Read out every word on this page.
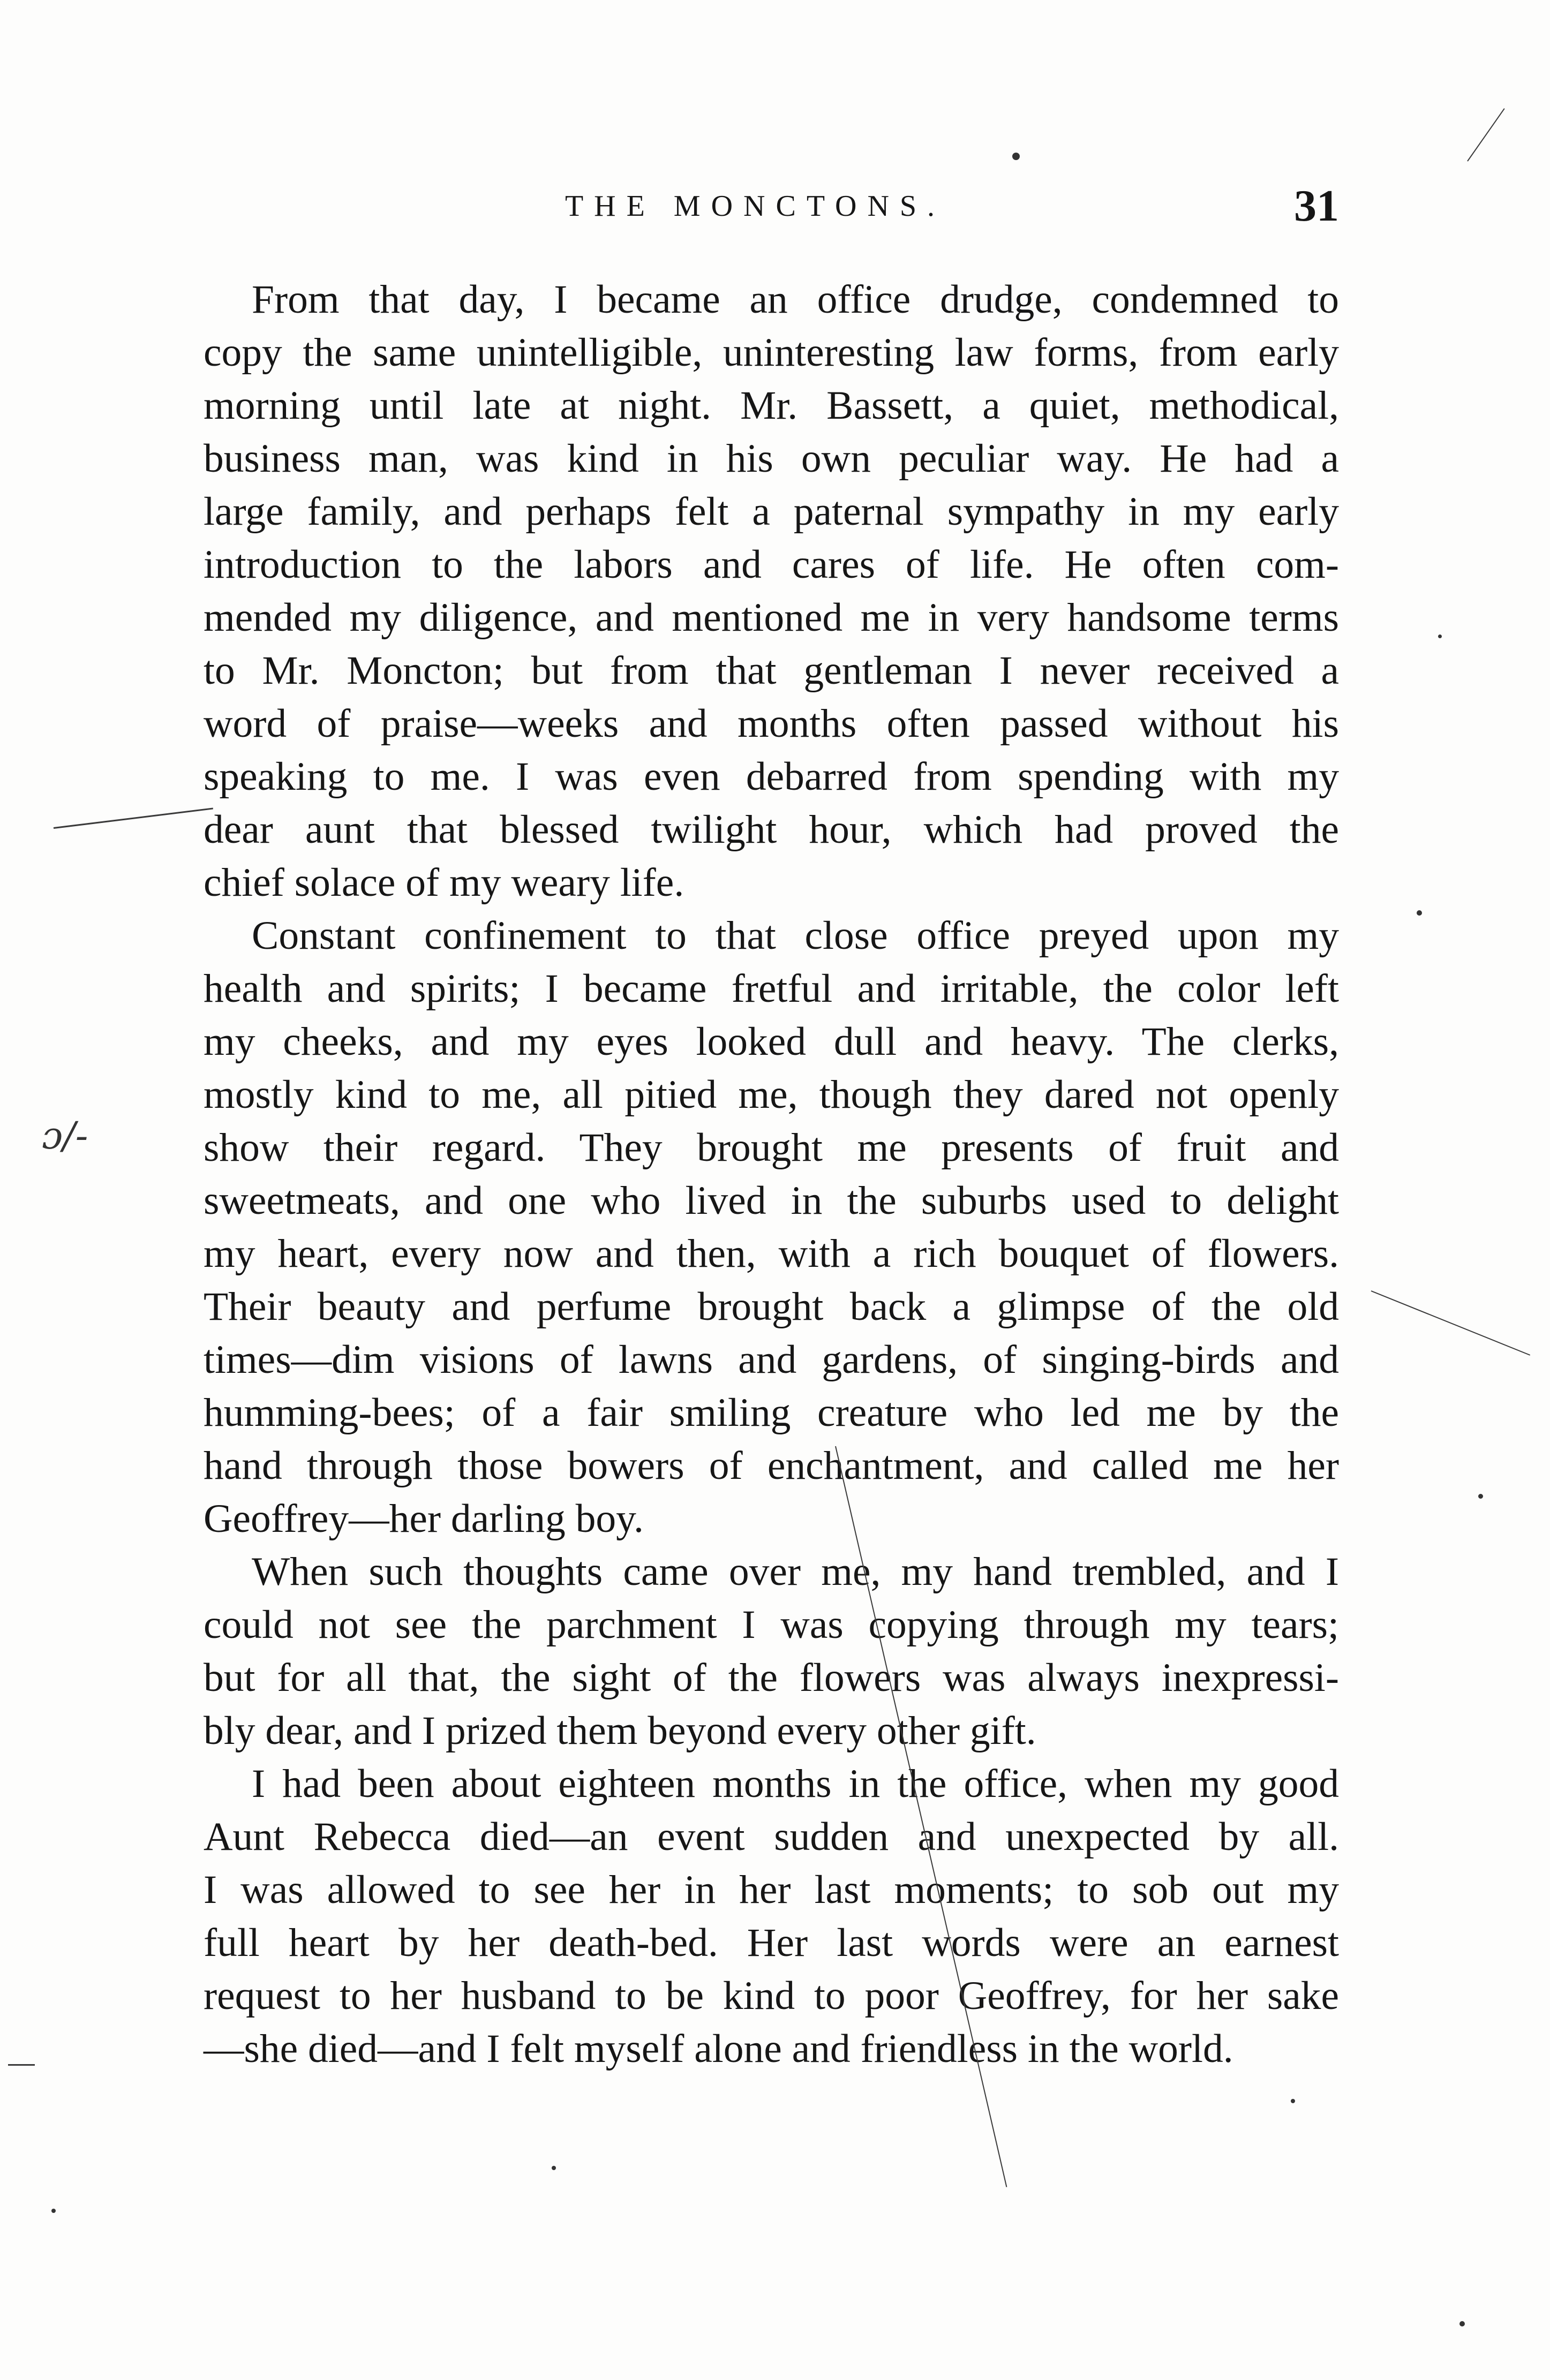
THE MONCTONS.	31
From that day, I became an office drudge, condemned to
copy the same unintelligible, uninteresting law forms, from early
morning until late at night. Mr. Bassett, a quiet, methodical,
business man, was kind in his own peculiar way. He had a
large family, and perhaps felt a paternal sympathy in my early
introduction to the labors and cares of life. He often com-
mended my diligence, and mentioned me in very handsome terms
to Mr. Moncton; but from that gentleman I never received a
word of praise—weeks and months often passed without his
speaking to me. I was even debarred from spending with my
dear aunt that blessed twilight hour, which had proved the
chief solace of my weary life.
Constant confinement to that close office preyed upon my
health and spirits; I became fretful and irritable, the color left
my cheeks, and my eyes looked dull and heavy. The clerks,
mostly kind to me, all pitied me, though they dared not openly
show their regard. They brought me presents of fruit and
sweetmeats, and one who lived in the suburbs used to delight
my heart, every now and then, with a rich bouquet of flowers.
Their beauty and perfume brought back a glimpse of the old
times—dim visions of lawns and gardens, of singing-birds and
humming-bees; of a fair smiling creature who led me by the
hand through those bowers of enchantment, and called me her
Geoffrey—her darling boy.
When such thoughts came over me, my hand trembled, and I
could not see the parchment I was copying through my tears;
but for all that, the sight of the flowers was always inexpressi-
bly dear, and I prized them beyond every other gift.
I had been about eighteen months in the office, when my good
Aunt Rebecca died—an event sudden and unexpected by all.
I was allowed to see her in her last moments; to sob out my
full heart by her death-bed. Her last words were an earnest
request to her husband to be kind to poor Geoffrey, for her sake
—she died—and I felt myself alone and friendless in the world.
ɔ/-
